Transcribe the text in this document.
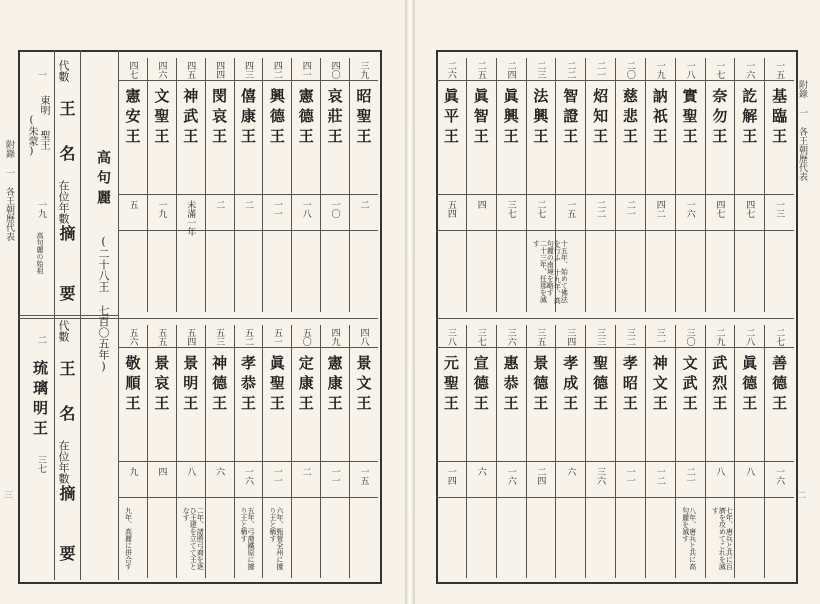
附錄 一 各王朝歷代表
三
三九
昭聖王
二
四〇
哀莊王
一〇
四一
憲德王
一八
四二
興德王
一一
四三
僖康王
二
四四
閔哀王
二
四五
神武王
未滿一年
四六
文聖王
一九
四七
憲安王
五
四八
景文王
一五
四九
憲康王
一一
五〇
定康王
二
五一
眞聖王
一一
六年、甄萱全州に據り王と稱す
五二
孝恭王
一六
五年、弓裔鐵原に據り王と稱す
五三
神德王
六
五四
景明王
八
二年、諸將弓裔を逐ひ王建を立てて王となす
五五
景哀王
四
五六
敬順王
九
九年、高麗に併合す
附錄 一 各王朝歷代表
二
一五
基臨王
一三
一六
訖解王
四七
一七
奈勿王
四七
一八
實聖王
一六
一九
訥祇王
四二
二〇
慈悲王
二一
二一
炤知王
二二
二二
智證王
一五
二三
法興王
二七
十五年、始めて佛法を行ふ 十九年、高句麗の南境を略す 二十三年、任那を滅す
二四
眞興王
三七
二五
眞智王
四
二六
眞平王
五四
二七
善德王
一六
二八
眞德王
八
二九
武烈王
八
七年、唐兵と共に百濟を攻めてこれを滅す
三〇
文武王
二一
八年、唐兵と共に高句麗を滅す
三一
神文王
一二
三二
孝昭王
一一
三三
聖德王
三六
三四
孝成王
六
三五
景德王
二四
三六
惠恭王
一六
三七
宣德王
六
三八
元聖王
一四
代數
王
名
在位年數
摘
要
代數
王
名
在位年數
摘
要
一
東明
(朱蒙) 聖王
一九
高句麗の始祖
二
琉璃明王
三七
高句麗
(二十八王 七百〇五年)
